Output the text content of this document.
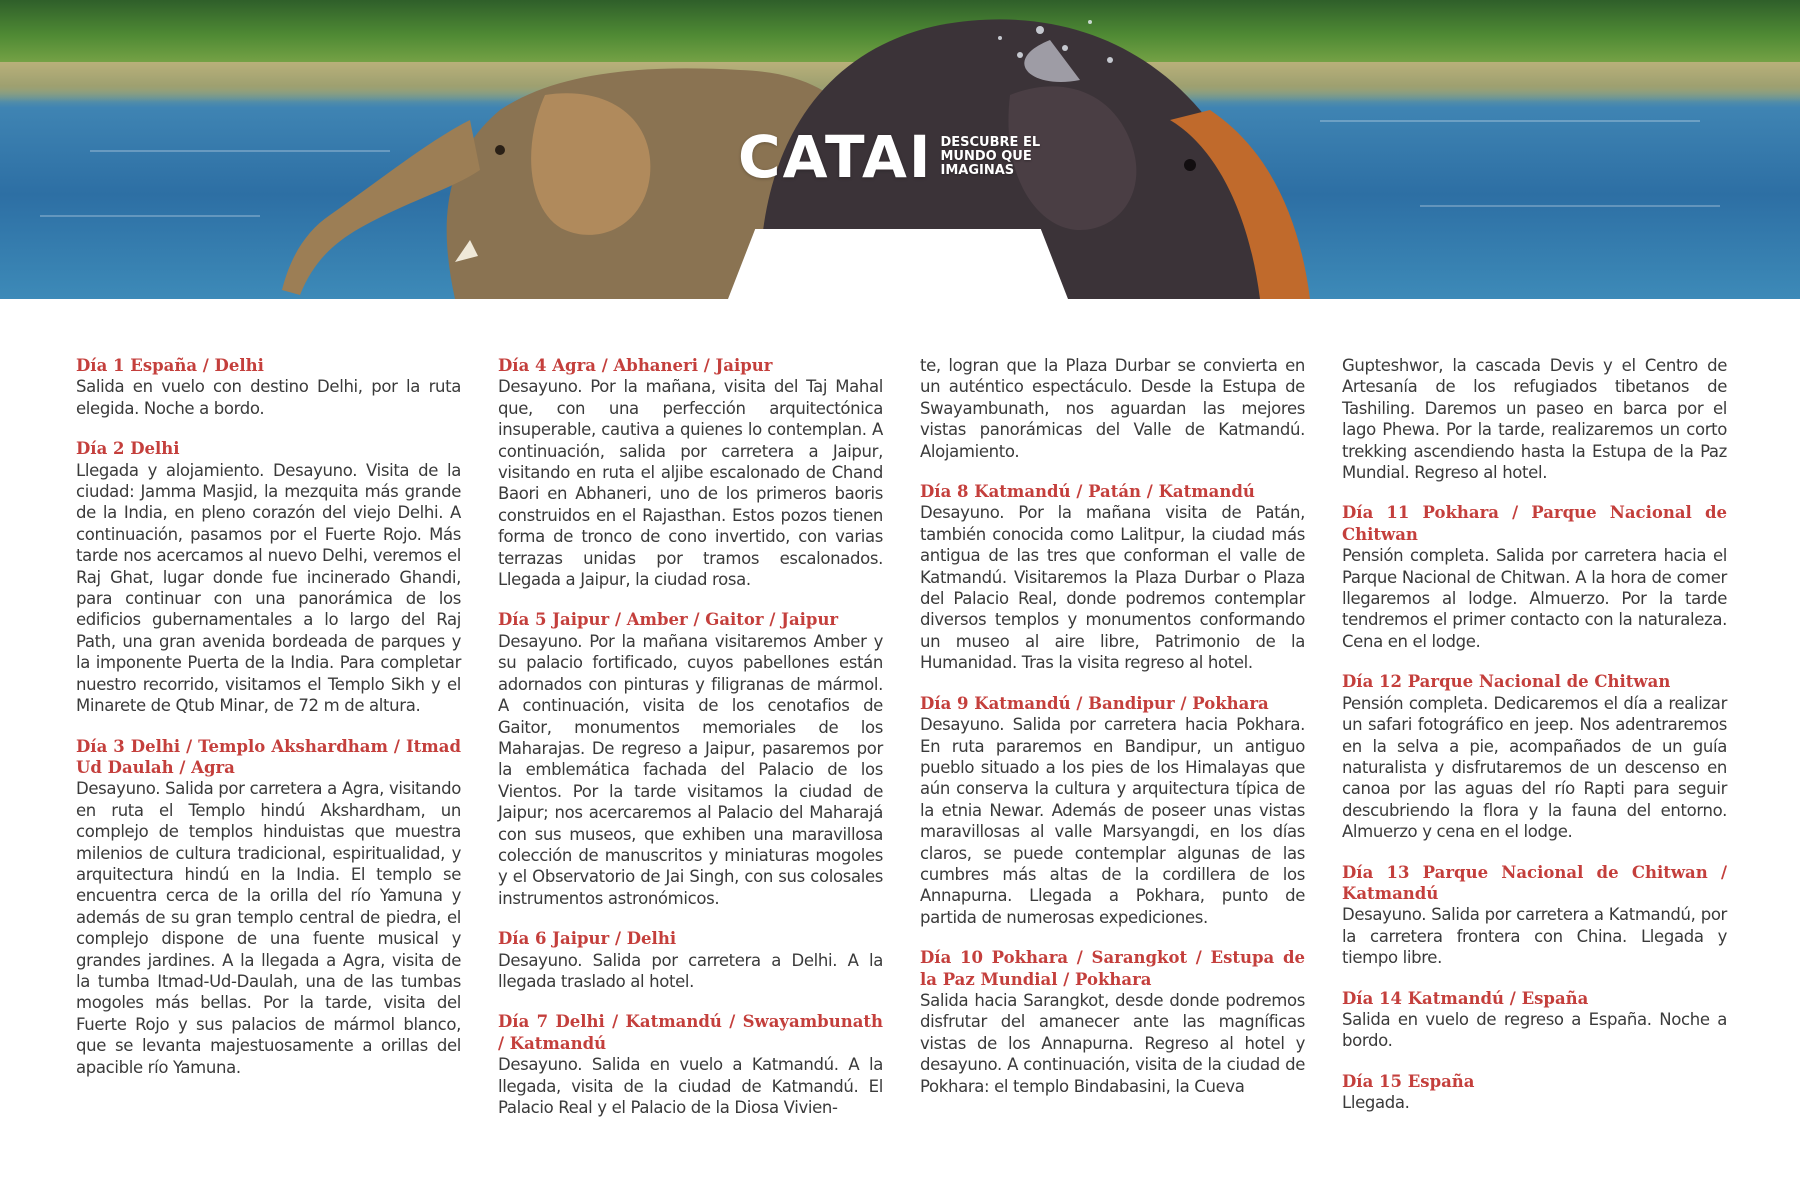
CATAI DESCUBRE EL MUNDO QUE IMAGINAS
Día 1 España / Delhi

Salida en vuelo con destino Delhi, por la ruta elegida. Noche a bordo.

Día 2 Delhi

Llegada y alojamiento. Desayuno. Visita de la ciudad: Jamma Masjid, la mezquita más grande de la India, en pleno corazón del viejo Delhi. A continuación, pasamos por el Fuerte Rojo. Más tarde nos acercamos al nuevo Delhi, veremos el Raj Ghat, lugar donde fue incinerado Ghandi, para continuar con una panorámica de los edificios gubernamentales a lo largo del Raj Path, una gran avenida bordeada de parques y la imponente Puerta de la India. Para completar nuestro recorrido, visitamos el Templo Sikh y el Minarete de Qtub Minar, de 72 m de altura.

Día 3 Delhi / Templo Akshardham / Itmad Ud Daulah / Agra

Desayuno. Salida por carretera a Agra, visitando en ruta el Templo hindú Akshardham, un complejo de templos hinduistas que muestra milenios de cultura tradicional, espiritualidad, y arquitectura hindú en la India. El templo se encuentra cerca de la orilla del río Yamuna y además de su gran templo central de piedra, el complejo dispone de una fuente musical y grandes jardines. A la llegada a Agra, visita de la tumba Itmad-Ud-Daulah, una de las tumbas mogoles más bellas. Por la tarde, visita del Fuerte Rojo y sus palacios de mármol blanco, que se levanta majestuosamente a orillas del apacible río Yamuna.

Día 4 Agra / Abhaneri / Jaipur

Desayuno. Por la mañana, visita del Taj Mahal que, con una perfección arquitectónica insuperable, cautiva a quienes lo contemplan. A continuación, salida por carretera a Jaipur, visitando en ruta el aljibe escalonado de Chand Baori en Abhaneri, uno de los primeros baoris construidos en el Rajasthan. Estos pozos tienen forma de tronco de cono invertido, con varias terrazas unidas por tramos escalonados. Llegada a Jaipur, la ciudad rosa.

Día 5 Jaipur / Amber / Gaitor / Jaipur

Desayuno. Por la mañana visitaremos Amber y su palacio fortificado, cuyos pabellones están adornados con pinturas y filigranas de mármol. A continuación, visita de los cenotafios de Gaitor, monumentos memoriales de los Maharajas. De regreso a Jaipur, pasaremos por la emblemática fachada del Palacio de los Vientos. Por la tarde visitamos la ciudad de Jaipur; nos acercaremos al Palacio del Maharajá con sus museos, que exhiben una maravillosa colección de manuscritos y miniaturas mogoles y el Observatorio de Jai Singh, con sus colosales instrumentos astronómicos.

Día 6 Jaipur / Delhi

Desayuno. Salida por carretera a Delhi. A la llegada traslado al hotel.

Día 7 Delhi / Katmandú / Swayambunath / Katmandú

Desayuno. Salida en vuelo a Katmandú. A la llegada, visita de la ciudad de Katmandú. El Palacio Real y el Palacio de la Diosa Vivien-

te, logran que la Plaza Durbar se convierta en un auténtico espectáculo. Desde la Estupa de Swayambunath, nos aguardan las mejores vistas panorámicas del Valle de Katmandú. Alojamiento.

Día 8 Katmandú / Patán / Katmandú

Desayuno. Por la mañana visita de Patán, también conocida como Lalitpur, la ciudad más antigua de las tres que conforman el valle de Katmandú. Visitaremos la Plaza Durbar o Plaza del Palacio Real, donde podremos contemplar diversos templos y monumentos conformando un museo al aire libre, Patrimonio de la Humanidad. Tras la visita regreso al hotel.

Día 9 Katmandú / Bandipur / Pokhara

Desayuno. Salida por carretera hacia Pokhara. En ruta pararemos en Bandipur, un antiguo pueblo situado a los pies de los Himalayas que aún conserva la cultura y arquitectura típica de la etnia Newar. Además de poseer unas vistas maravillosas al valle Marsyangdi, en los días claros, se puede contemplar algunas de las cumbres más altas de la cordillera de los Annapurna. Llegada a Pokhara, punto de partida de numerosas expediciones.

Día 10 Pokhara / Sarangkot / Estupa de la Paz Mundial / Pokhara

Salida hacia Sarangkot, desde donde podremos disfrutar del amanecer ante las magníficas vistas de los Annapurna. Regreso al hotel y desayuno. A continuación, visita de la ciudad de Pokhara: el templo Bindabasini, la Cueva

Gupteshwor, la cascada Devis y el Centro de Artesanía de los refugiados tibetanos de Tashiling. Daremos un paseo en barca por el lago Phewa. Por la tarde, realizaremos un corto trekking ascendiendo hasta la Estupa de la Paz Mundial. Regreso al hotel.

Día 11 Pokhara / Parque Nacional de Chitwan

Pensión completa. Salida por carretera hacia el Parque Nacional de Chitwan. A la hora de comer llegaremos al lodge. Almuerzo. Por la tarde tendremos el primer contacto con la naturaleza. Cena en el lodge.

Día 12 Parque Nacional de Chitwan

Pensión completa. Dedicaremos el día a realizar un safari fotográfico en jeep. Nos adentraremos en la selva a pie, acompañados de un guía naturalista y disfrutaremos de un descenso en canoa por las aguas del río Rapti para seguir descubriendo la flora y la fauna del entorno. Almuerzo y cena en el lodge.

Día 13 Parque Nacional de Chitwan / Katmandú

Desayuno. Salida por carretera a Katmandú, por la carretera frontera con China. Llegada y tiempo libre.

Día 14 Katmandú / España

Salida en vuelo de regreso a España. Noche a bordo.

Día 15 España

Llegada.
